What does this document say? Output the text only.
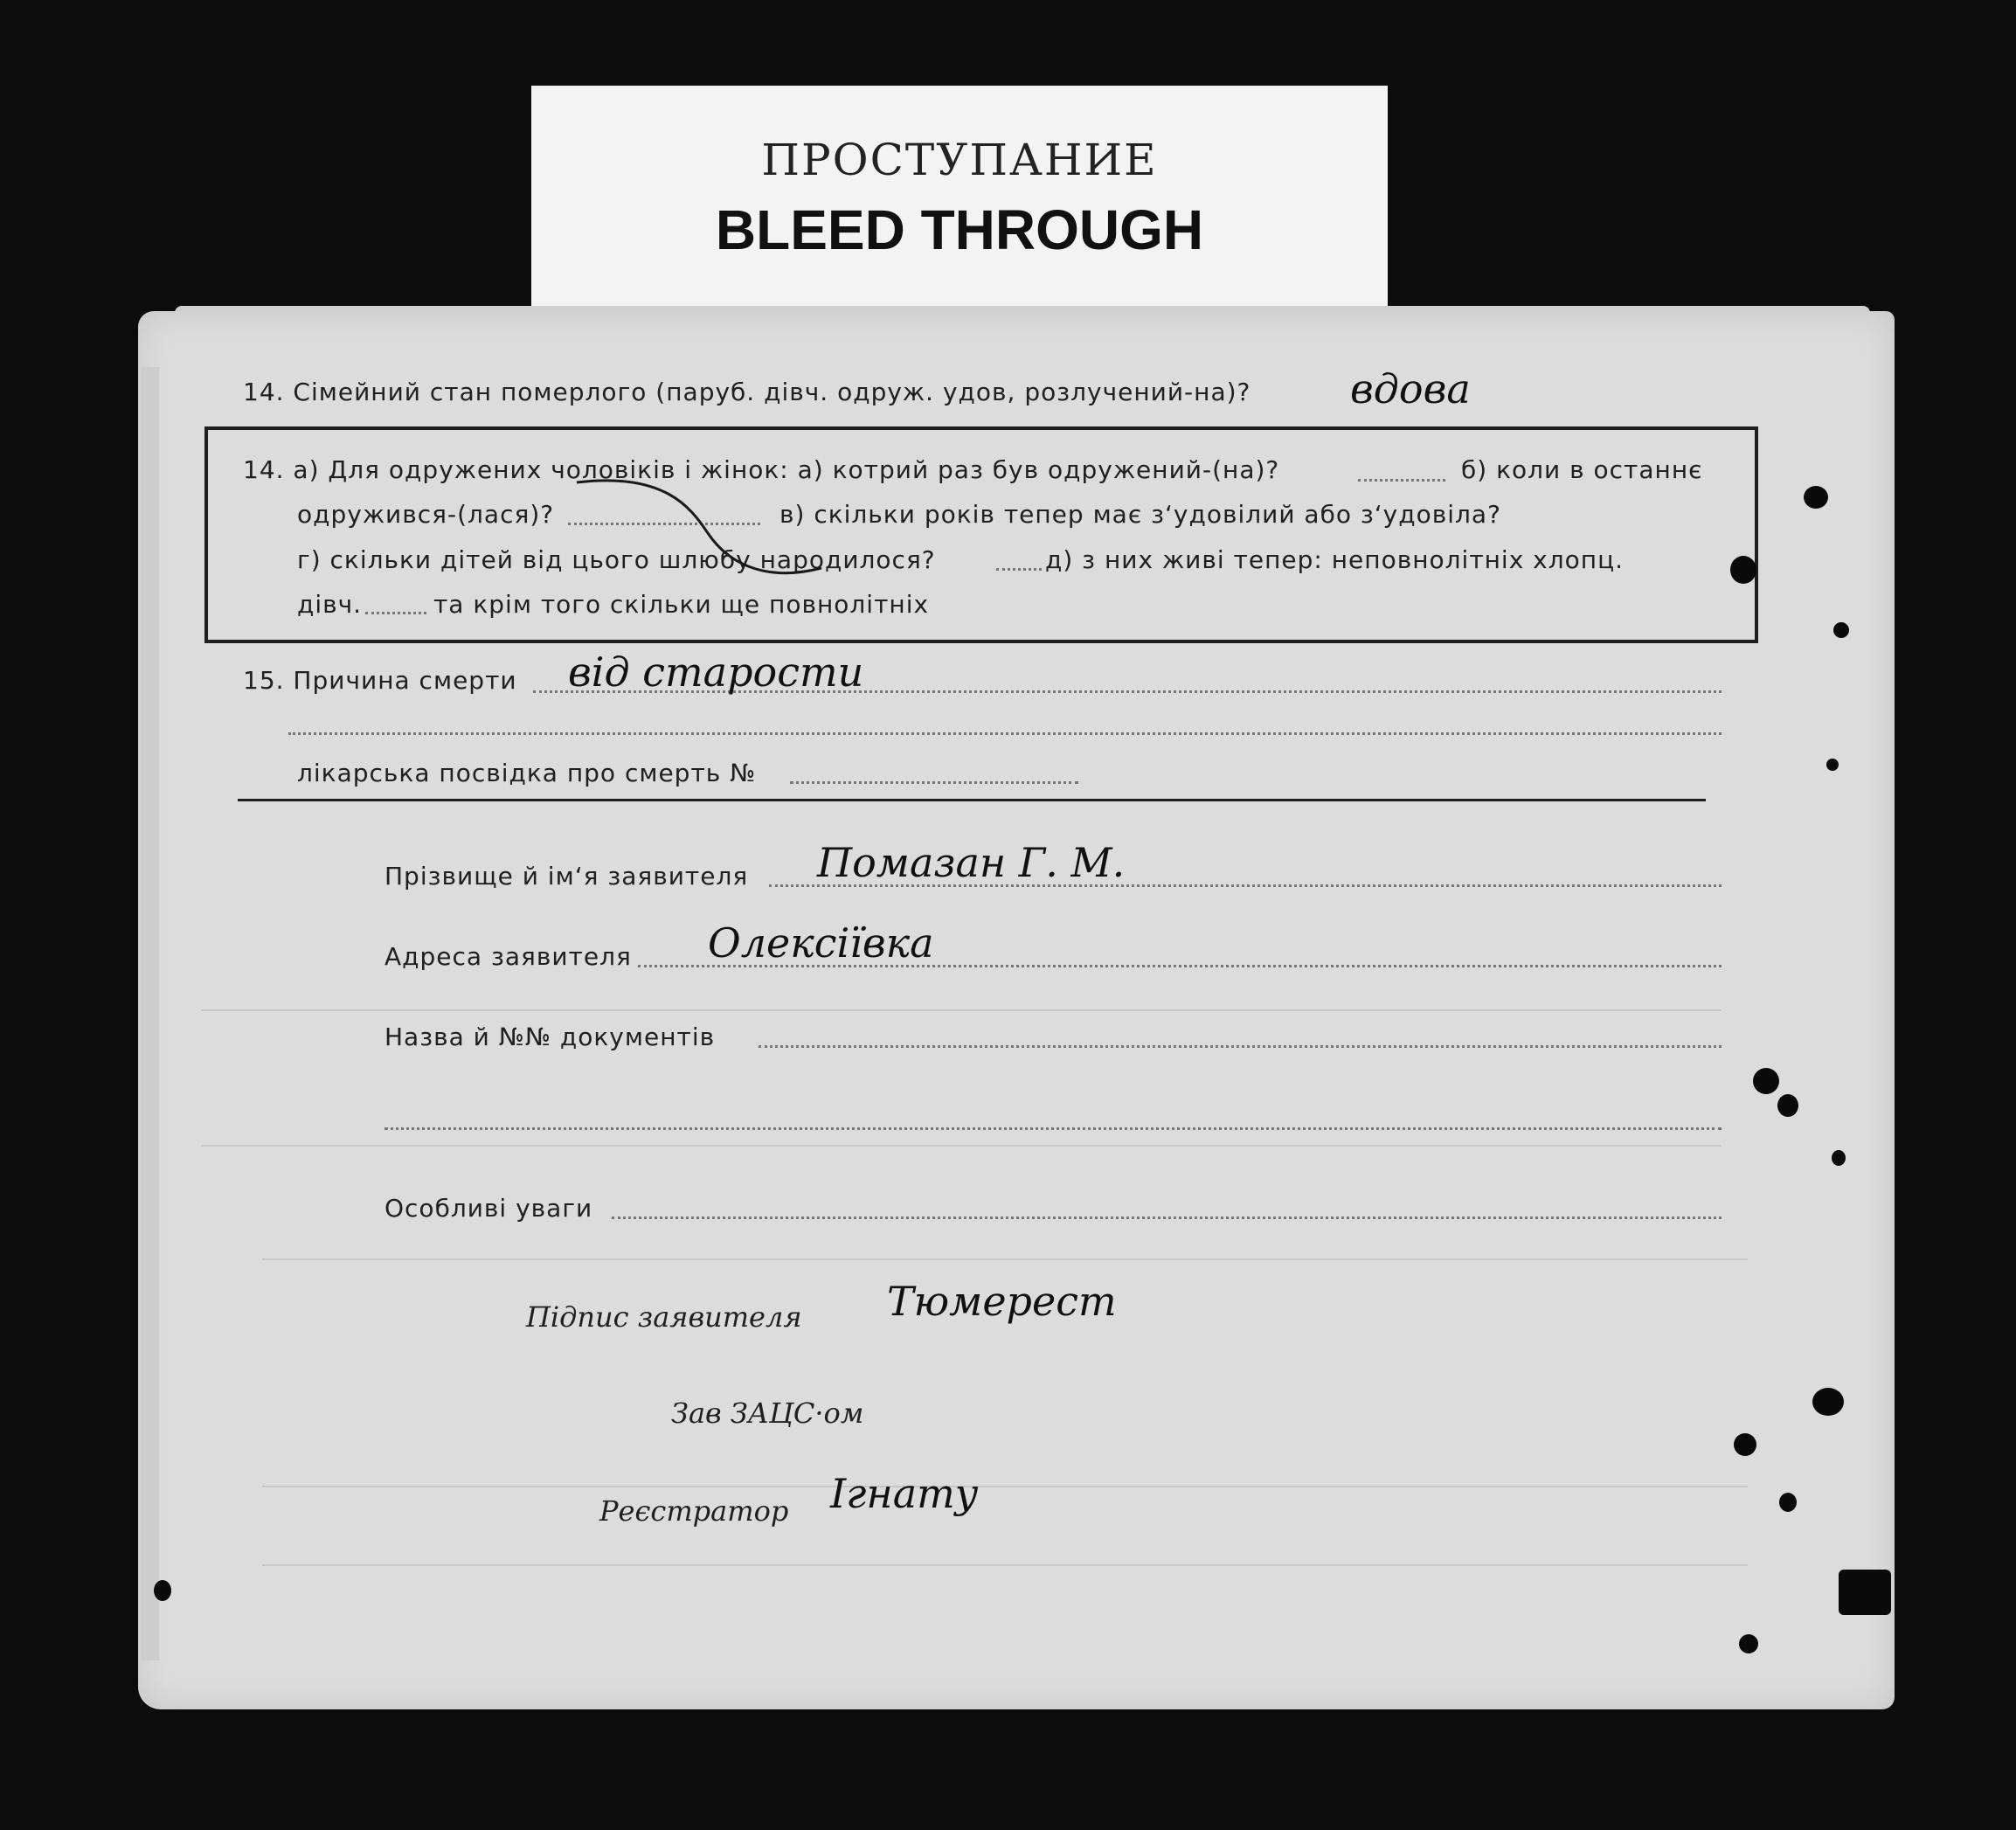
ПРОСТУПАНИЕ
BLEED THROUGH
14. Сімейний стан померлого (паруб. дівч. одруж. удов, розлучений-на)? вдова
14. а) Для одружених чоловіків і жінок: а) котрий раз був одружений-(на)?	б) коли в останнє
одружився-(лася)?	в) скільки років тепер має з‘удовілий або з‘удовіла?
г) скільки дітей від цього шлюбу народилося?	д) з них живі тепер: неповнолітніх хлопц.
дівч.	та крім того скільки ще повнолітніх
15. Причина смерти від старости
лікарська посвідка про смерть №
Прізвище й ім‘я заявителя Помазан Г. М.
Адреса заявителя Олексіївка
Назва й №№ документів
Особливі уваги
Підпис заявителя Тюмерест
Зав ЗАЦС·ом
Реєстратор Ігнату
